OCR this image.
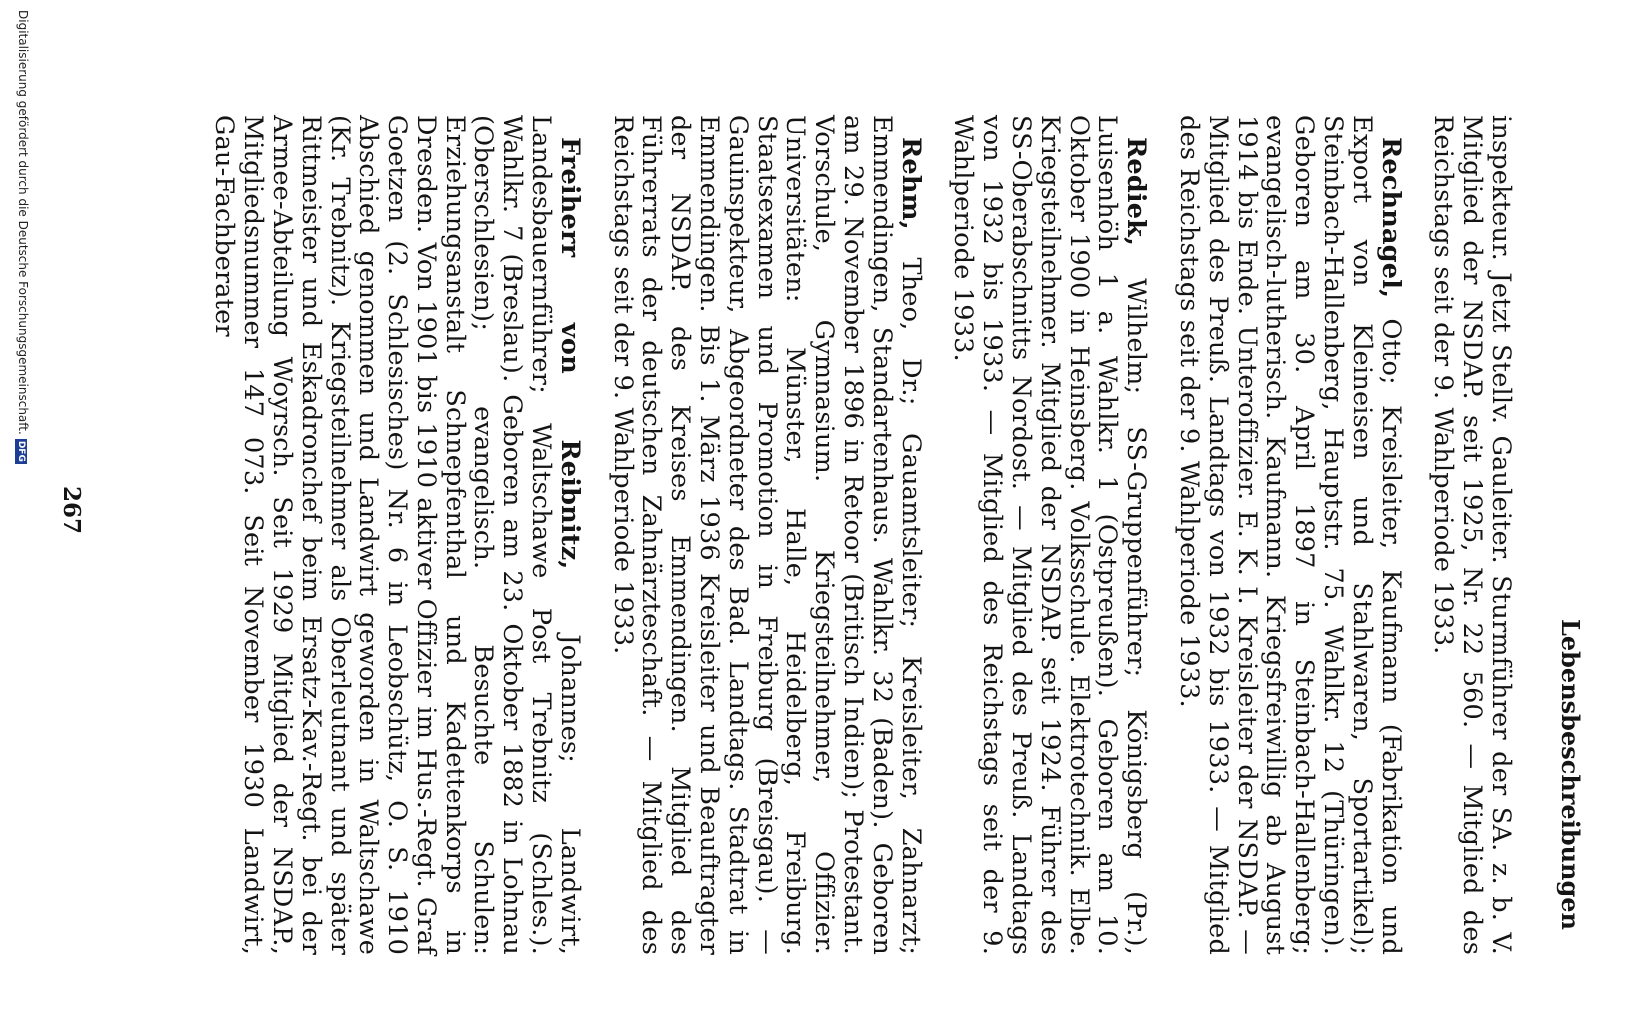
Lebensbeschreibungen

inspekteur. Jetzt Stellv. Gauleiter. Sturmführer der SA. z. b. V. Mitglied der NSDAP. seit 1925, Nr. 22 560. — Mitglied des Reichstags seit der 9. Wahlperiode 1933.

Rechnagel, Otto; Kreisleiter, Kaufmann (Fabrikation und Export von Kleineisen und Stahlwaren, Sportartikel); Steinbach-Hallenberg, Hauptstr. 75. Wahlkr. 12 (Thüringen). Geboren am 30. April 1897 in Steinbach-Hallenberg; evangelisch-lutherisch. Kaufmann. Kriegsfreiwillig ab August 1914 bis Ende. Unteroffizier. E. K. I. Kreisleiter der NSDAP. — Mitglied des Preuß. Landtags von 1932 bis 1933. — Mitglied des Reichstags seit der 9. Wahlperiode 1933.

Rediek, Wilhelm; SS-Gruppenführer; Königsberg (Pr.), Luisenhöh 1 a. Wahlkr. 1 (Ostpreußen). Geboren am 10. Oktober 1900 in Heinsberg. Volksschule. Elektrotechnik. Elbe. Kriegsteilnehmer. Mitglied der NSDAP. seit 1924. Führer des SS-Oberabschnitts Nordost. — Mitglied des Preuß. Landtags von 1932 bis 1933. — Mitglied des Reichstags seit der 9. Wahlperiode 1933.

Rehm, Theo, Dr.; Gauamtsleiter; Kreisleiter, Zahnarzt; Emmendingen, Standartenhaus. Wahlkr. 32 (Baden). Geboren am 29. November 1896 in Retoor (Britisch Indien); Protestant. Vorschule, Gymnasium. Kriegsteilnehmer, Offizier. Universitäten: Münster, Halle, Heidelberg, Freiburg. Staatsexamen und Promotion in Freiburg (Breisgau). — Gauinspekteur, Abgeordneter des Bad. Landtags. Stadtrat in Emmendingen. Bis 1. März 1936 Kreisleiter und Beauftragter der NSDAP. des Kreises Emmendingen. Mitglied des Führerrats der deutschen Zahnärzteschaft. — Mitglied des Reichstags seit der 9. Wahlperiode 1933.

Freiherr von Reibnitz, Johannes; Landwirt, Landesbauernführer; Waltschawe Post Trebnitz (Schles.). Wahlkr. 7 (Breslau). Geboren am 23. Oktober 1882 in Lohnau (Oberschlesien); evangelisch. Besuchte Schulen: Erziehungsanstalt Schnepfenthal und Kadettenkorps in Dresden. Von 1901 bis 1910 aktiver Offizier im Hus.-Regt. Graf Goetzen (2. Schlesisches) Nr. 6 in Leobschütz, O. S. 1910 Abschied genommen und Landwirt geworden in Waltschawe (Kr. Trebnitz). Kriegsteilnehmer als Oberleutnant und später Rittmeister und Eskadronchef beim Ersatz-Kav.-Regt. bei der Armee-Abteilung Woyrsch. Seit 1929 Mitglied der NSDAP., Mitgliedsnummer 147 073. Seit November 1930 Landwirt, Gau-Fachberater

267
Digitalisierung gefördert durch die Deutsche Forschungsgemeinschaft.DFG
